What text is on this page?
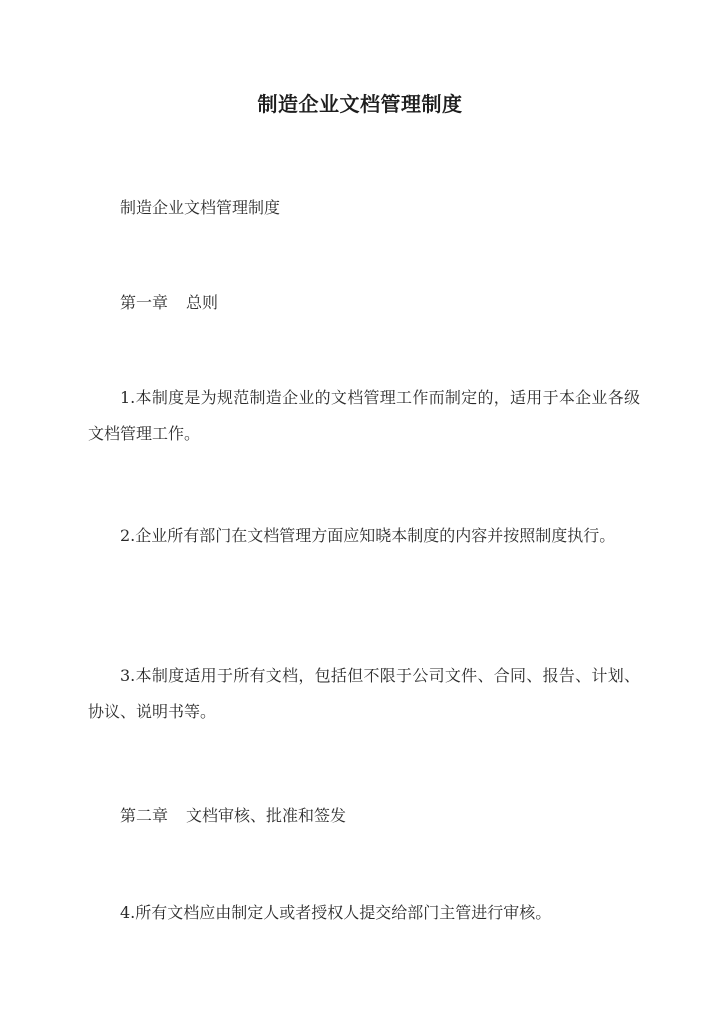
制造企业文档管理制度
制造企业文档管理制度
第一章 总则
1.本制度是为规范制造企业的文档管理工作而制定的，适用于本企业各级文档管理工作。
2.企业所有部门在文档管理方面应知晓本制度的内容并按照制度执行。
3.本制度适用于所有文档，包括但不限于公司文件、合同、报告、计划、协议、说明书等。
第二章 文档审核、批准和签发
4.所有文档应由制定人或者授权人提交给部门主管进行审核。
